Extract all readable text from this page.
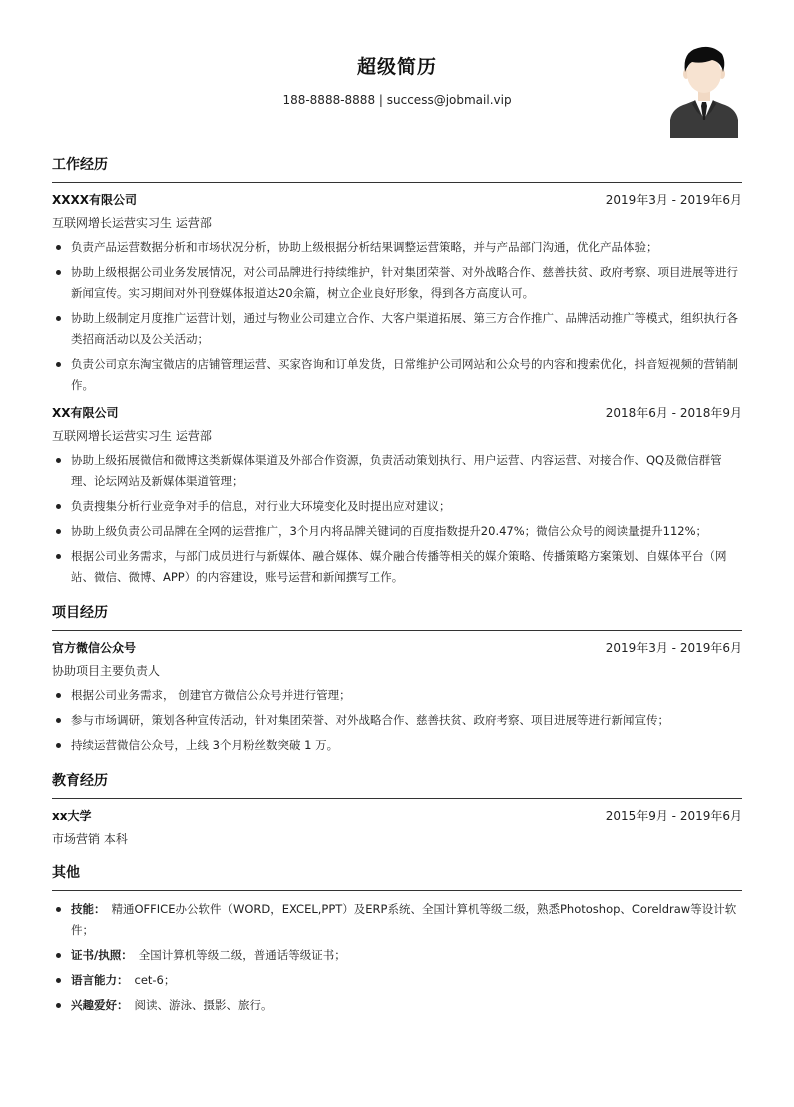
超级简历
188-8888-8888 | success@jobmail.vip
工作经历
XXXX有限公司	2019年3月 - 2019年6月
互联网增长运营实习生 运营部
负责产品运营数据分析和市场状况分析，协助上级根据分析结果调整运营策略，并与产品部门沟通，优化产品体验；
协助上级根据公司业务发展情况，对公司品牌进行持续维护，针对集团荣誉、对外战略合作、慈善扶贫、政府考察、项目进展等进行新闻宣传。实习期间对外刊登媒体报道达20余篇，树立企业良好形象，得到各方高度认可。
协助上级制定月度推广运营计划，通过与物业公司建立合作、大客户渠道拓展、第三方合作推广、品牌活动推广等模式，组织执行各类招商活动以及公关活动；
负责公司京东淘宝微店的店铺管理运营、买家咨询和订单发货，日常维护公司网站和公众号的内容和搜索优化，抖音短视频的营销制作。
XX有限公司	2018年6月 - 2018年9月
互联网增长运营实习生 运营部
协助上级拓展微信和微博这类新媒体渠道及外部合作资源，负责活动策划执行、用户运营、内容运营、对接合作、QQ及微信群管理、论坛网站及新媒体渠道管理；
负责搜集分析行业竞争对手的信息，对行业大环境变化及时提出应对建议；
协助上级负责公司品牌在全网的运营推广，3个月内将品牌关键词的百度指数提升20.47%；微信公众号的阅读量提升112%；
根据公司业务需求，与部门成员进行与新媒体、融合媒体、媒介融合传播等相关的媒介策略、传播策略方案策划、自媒体平台（网站、微信、微博、APP）的内容建设，账号运营和新闻撰写工作。
项目经历
官方微信公众号	2019年3月 - 2019年6月
协助项目主要负责人
根据公司业务需求， 创建官方微信公众号并进行管理；
参与市场调研，策划各种宣传活动，针对集团荣誉、对外战略合作、慈善扶贫、政府考察、项目进展等进行新闻宣传；
持续运营微信公众号，上线 3个月粉丝数突破 1 万。
教育经历
xx大学	2015年9月 - 2019年6月
市场营销 本科
其他
技能： 精通OFFICE办公软件（WORD，EXCEL,PPT）及ERP系统、全国计算机等级二级，熟悉Photoshop、Coreldraw等设计软件；
证书/执照： 全国计算机等级二级，普通话等级证书；
语言能力： cet-6；
兴趣爱好： 阅读、游泳、摄影、旅行。
